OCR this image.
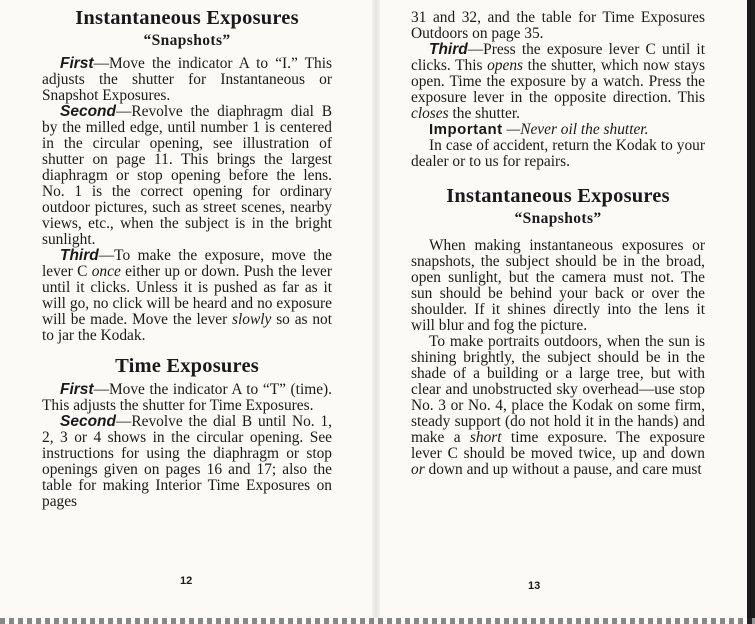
Instantaneous Exposures
“Snapshots”

First—Move the indicator A to “I.” This adjusts the shutter for Instantaneous or Snapshot Exposures.

Second—Revolve the diaphragm dial B by the milled edge, until number 1 is centered in the circular opening, see illustration of shutter on page 11. This brings the largest diaphragm or stop opening before the lens. No. 1 is the correct opening for ordinary outdoor pictures, such as street scenes, nearby views, etc., when the subject is in the bright sunlight.

Third—To make the exposure, move the lever C once either up or down. Push the lever until it clicks. Unless it is pushed as far as it will go, no click will be heard and no exposure will be made. Move the lever slowly so as not to jar the Kodak.

Time Exposures

First—Move the indicator A to “T” (time). This adjusts the shutter for Time Exposures.

Second—Revolve the dial B until No. 1, 2, 3 or 4 shows in the circular opening. See instructions for using the diaphragm or stop openings given on pages 16 and 17; also the table for making Interior Time Exposures on pages

12

31 and 32, and the table for Time Exposures Outdoors on page 35.

Third—Press the exposure lever C until it clicks. This opens the shutter, which now stays open. Time the exposure by a watch. Press the exposure lever in the opposite direction. This closes the shutter.

Important —Never oil the shutter.

In case of accident, return the Kodak to your dealer or to us for repairs.

Instantaneous Exposures
“Snapshots”

When making instantaneous exposures or snapshots, the subject should be in the broad, open sunlight, but the camera must not. The sun should be behind your back or over the shoulder. If it shines directly into the lens it will blur and fog the picture.

To make portraits outdoors, when the sun is shining brightly, the subject should be in the shade of a building or a large tree, but with clear and unobstructed sky overhead—use stop No. 3 or No. 4, place the Kodak on some firm, steady support (do not hold it in the hands) and make a short time exposure. The exposure lever C should be moved twice, up and down or down and up without a pause, and care must

13
